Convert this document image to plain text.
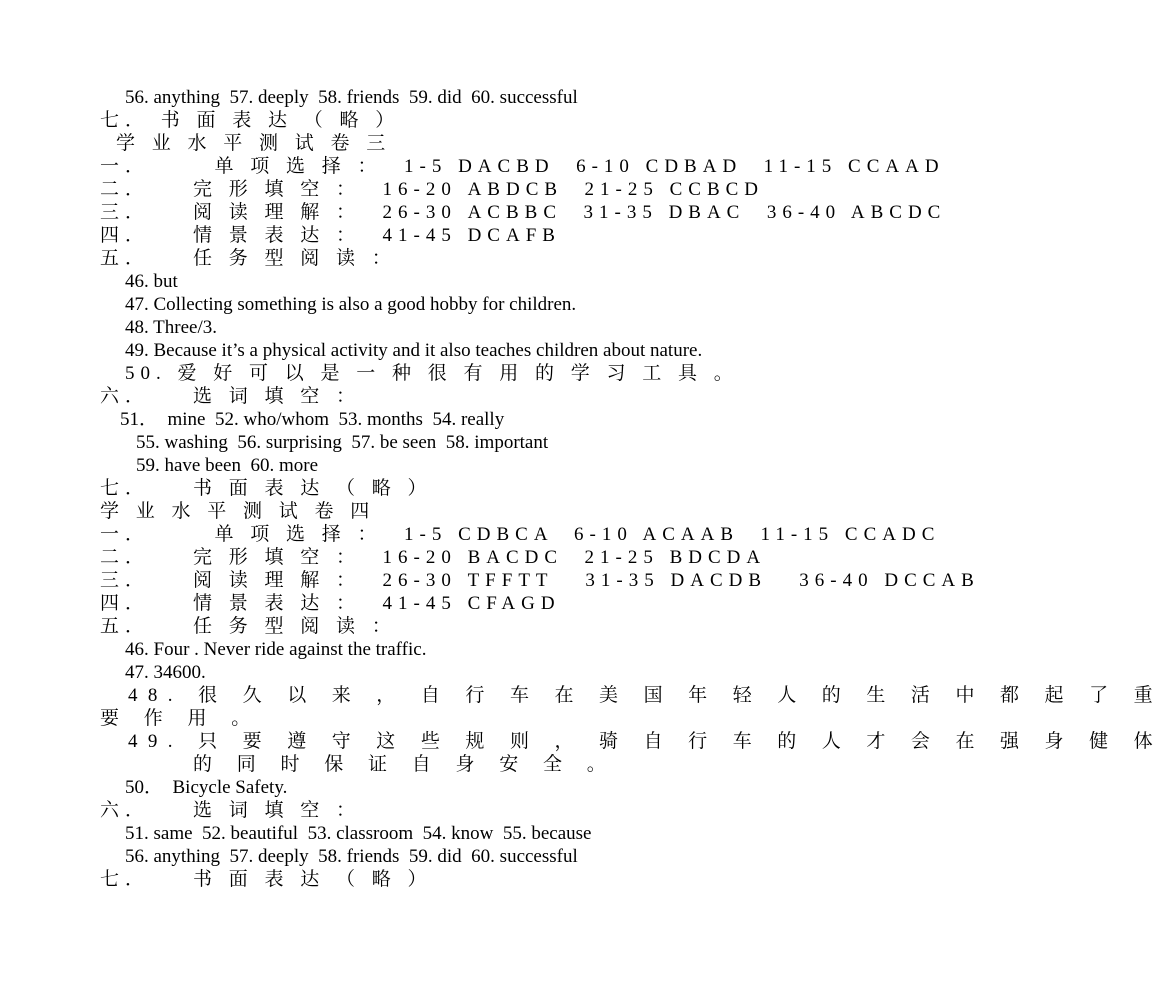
56. anything  57. deeply  58. friends  59. did  60. successful
七． 书 面 表 达 （ 略 ）
学 业 水 平 测 试 卷 三
一．      单 项 选 择 ：  1-5 DACBD  6-10 CDBAD  11-15 CCAAD
二．    完 形 填 空 ：  16-20 ABDCB  21-25 CCBCD
三．    阅 读 理 解 ：  26-30 ACBBC  31-35 DBAC  36-40 ABCDC
四．    情 景 表 达 ：  41-45 DCAFB
五．    任 务 型 阅 读 ：
46. but
47. Collecting something is also a good hobby for children.
48. Three/3.
49. Because it’s a physical activity and it also teaches children about nature.
50. 爱 好 可 以 是 一 种 很 有 用 的 学 习 工 具 。
六．    选 词 填 空 ：
51．  mine  52. who/whom  53. months  54. really
55. washing  56. surprising  57. be seen  58. important
59. have been  60. more
七．    书 面 表 达 （ 略 ）
学 业 水 平 测 试 卷 四
一．      单 项 选 择 ：  1-5 CDBCA  6-10 ACAAB  11-15 CCADC
二．    完 形 填 空 ：  16-20 BACDC  21-25 BDCDA
三．    阅 读 理 解 ：  26-30 TFFTT   31-35 DACDB   36-40 DCCAB
四．    情 景 表 达 ：  41-45 CFAGD
五．    任 务 型 阅 读 ：
46. Four . Never ride against the traffic.
47. 34600.
48. 很 久 以 来 ， 自 行 车 在 美 国 年 轻 人 的 生 活 中 都 起 了 重
要 作 用 。
49. 只 要 遵 守 这 些 规 则 ， 骑 自 行 车 的 人 才 会 在 强 身 健 体
的 同 时 保 证 自 身 安 全 。
50．  Bicycle Safety.
六．    选 词 填 空 ：
51. same  52. beautiful  53. classroom  54. know  55. because
56. anything  57. deeply  58. friends  59. did  60. successful
七．    书 面 表 达 （ 略 ）
